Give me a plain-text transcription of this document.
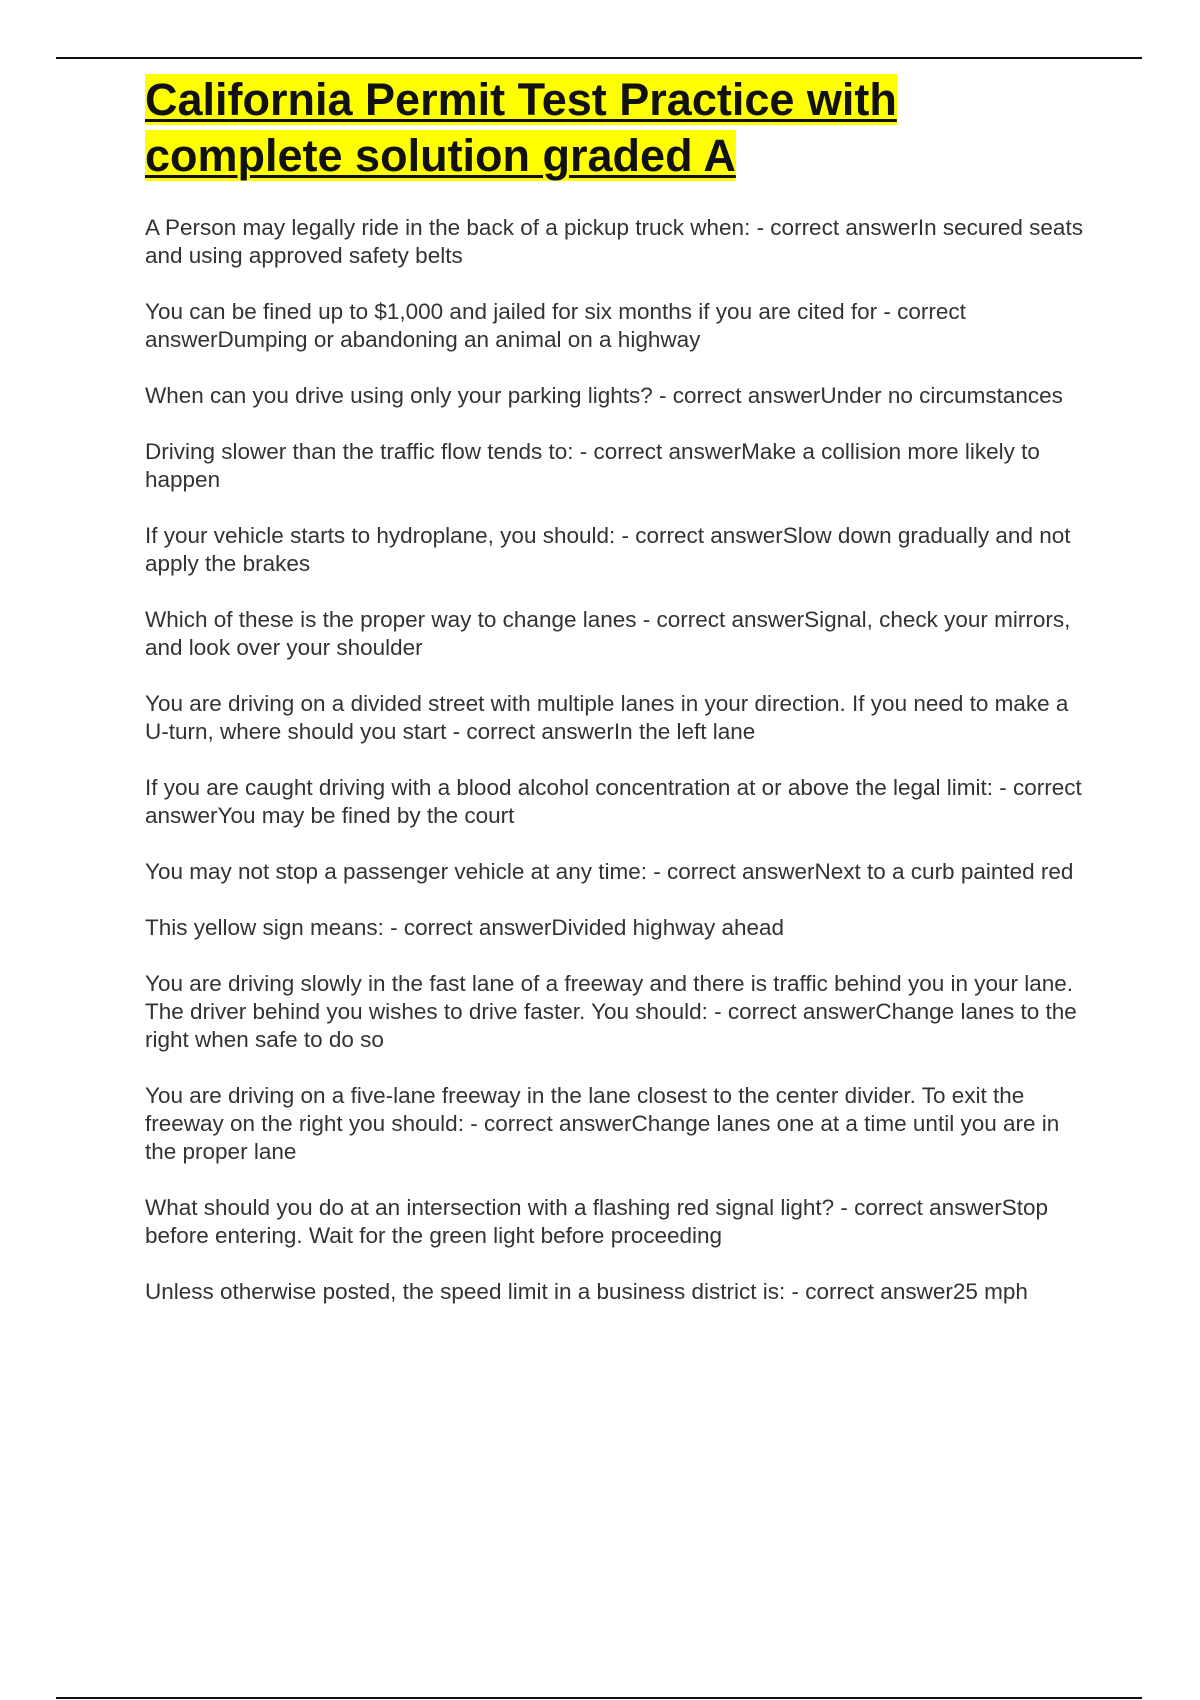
California Permit Test Practice with
complete solution graded A
A Person may legally ride in the back of a pickup truck when: - correct answerIn secured seats and using approved safety belts
You can be fined up to $1,000 and jailed for six months if you are cited for - correct answerDumping or abandoning an animal on a highway
When can you drive using only your parking lights? - correct answerUnder no circumstances
Driving slower than the traffic flow tends to: - correct answerMake a collision more likely to happen
If your vehicle starts to hydroplane, you should: - correct answerSlow down gradually and not apply the brakes
Which of these is the proper way to change lanes - correct answerSignal, check your mirrors, and look over your shoulder
You are driving on a divided street with multiple lanes in your direction. If you need to make a U-turn, where should you start - correct answerIn the left lane
If you are caught driving with a blood alcohol concentration at or above the legal limit: - correct answerYou may be fined by the court
You may not stop a passenger vehicle at any time: - correct answerNext to a curb painted red
This yellow sign means: - correct answerDivided highway ahead
You are driving slowly in the fast lane of a freeway and there is traffic behind you in your lane. The driver behind you wishes to drive faster. You should: - correct answerChange lanes to the right when safe to do so
You are driving on a five-lane freeway in the lane closest to the center divider. To exit the freeway on the right you should: - correct answerChange lanes one at a time until you are in the proper lane
What should you do at an intersection with a flashing red signal light? - correct answerStop before entering. Wait for the green light before proceeding
Unless otherwise posted, the speed limit in a business district is: - correct answer25 mph
